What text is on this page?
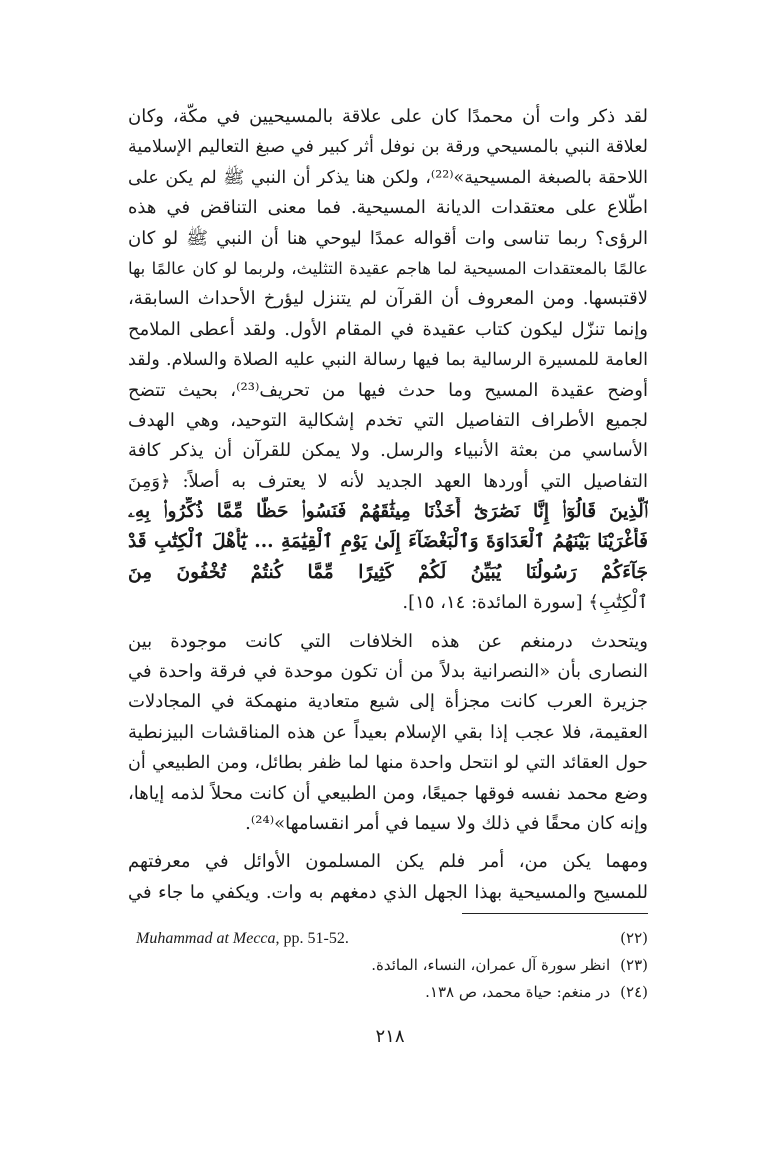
لقد ذكر وات أن محمدًا كان على علاقة بالمسيحيين في مكّة، وكان
لعلاقة النبي بالمسيحي ورقة بن نوفل أثر كبير في صبغ التعاليم الإسلامية
اللاحقة بالصبغة المسيحية»⁽²²⁾، ولكن هنا يذكر أن النبي ﷺ لم يكن على
اطّلاع على معتقدات الديانة المسيحية. فما معنى التناقض في هذه
الرؤى؟ ربما تناسى وات أقواله عمدًا ليوحي هنا أن النبي ﷺ لو كان
عالمًا بالمعتقدات المسيحية لما هاجم عقيدة التثليث، ولربما لو كان عالمًا بها
لاقتبسها. ومن المعروف أن القرآن لم يتنزل ليؤرخ الأحداث السابقة،
وإنما تنزّل ليكون كتاب عقيدة في المقام الأول. ولقد أعطى الملامح
العامة للمسيرة الرسالية بما فيها رسالة النبي عليه الصلاة والسلام. ولقد
أوضح عقيدة المسيح وما حدث فيها من تحريف⁽²³⁾، بحيث تتضح
لجميع الأطراف التفاصيل التي تخدم إشكالية التوحيد، وهي الهدف
الأساسي من بعثة الأنبياء والرسل. ولا يمكن للقرآن أن يذكر كافة
التفاصيل التي أوردها العهد الجديد لأنه لا يعترف به أصلاً: ﴿وَمِنَ
ٱلَّذِينَ قَالُوٓا۟ إِنَّا نَصَٰرَىٰٓ أَخَذْنَا مِيثَٰقَهُمْ فَنَسُوا۟ حَظًّا مِّمَّا ذُكِّرُوا۟ بِهِۦ
فَأَغْرَيْنَا بَيْنَهُمُ ٱلْعَدَاوَةَ وَٱلْبَغْضَآءَ إِلَىٰ يَوْمِ ٱلْقِيَٰمَةِ ... يَٰٓأَهْلَ ٱلْكِتَٰبِ قَدْ
جَآءَكُمْ رَسُولُنَا يُبَيِّنُ لَكُمْ كَثِيرًا مِّمَّا كُنتُمْ تُخْفُونَ مِنَ
ٱلْكِتَٰبِ﴾ [سورة المائدة: ١٤، ١٥].

ويتحدث درمنغم عن هذه الخلافات التي كانت موجودة بين
النصارى بأن «النصرانية بدلاً من أن تكون موحدة في فرقة واحدة في
جزيرة العرب كانت مجزأة إلى شيع متعادية منهمكة في المجادلات
العقيمة، فلا عجب إذا بقي الإسلام بعيداً عن هذه المناقشات البيزنطية
حول العقائد التي لو انتحل واحدة منها لما ظفر بطائل، ومن الطبيعي أن
وضع محمد نفسه فوقها جميعًا، ومن الطبيعي أن كانت محلاً لذمه إياها،
وإنه كان محقًا في ذلك ولا سيما في أمر انقسامها»⁽²⁴⁾.

ومهما يكن من، أمر فلم يكن المسلمون الأوائل في معرفتهم
للمسيح والمسيحية بهذا الجهل الذي دمغهم به وات. ويكفي ما جاء في

(٢٢)
Muhammad at Mecca, pp. 51-52.
(٢٣)انظر سورة آل عمران، النساء، المائدة.
(٢٤)در منغم: حياة محمد، ص ١٣٨.
٢١٨
